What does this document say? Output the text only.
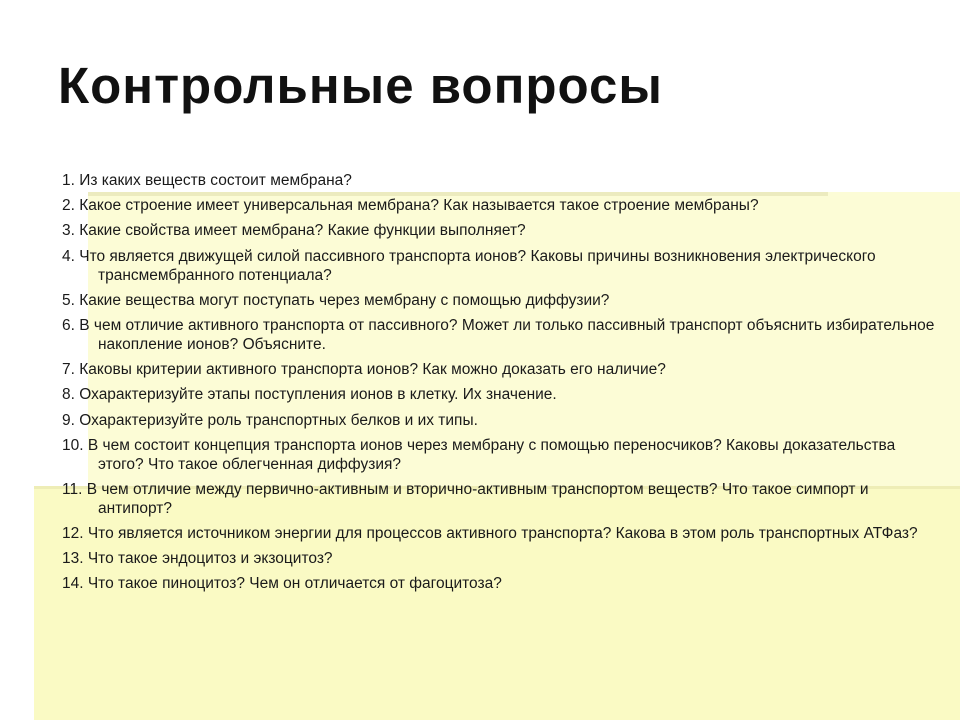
Контрольные вопросы
1. Из каких веществ состоит мембрана?
2. Какое строение имеет универсальная мембрана? Как называется такое строение мембраны?
3. Какие свойства имеет мембрана? Какие функции выполняет?
4. Что является движущей силой пассивного транспорта ионов? Каковы причины возникновения электрического трансмембранного потенциала?
5. Какие вещества могут поступать через мембрану с помощью диффузии?
6. В чем отличие активного транспорта от пассивного? Может ли только пассивный транспорт объяснить избирательное накопление ионов? Объясните.
7. Каковы критерии активного транспорта ионов? Как можно доказать его наличие?
8. Охарактеризуйте этапы поступления ионов в клетку. Их значение.
9. Охарактеризуйте роль транспортных белков и их типы.
10. В чем состоит концепция транспорта ионов через мембрану с помощью переносчиков? Каковы доказательства этого? Что такое облегченная диффузия?
11. В чем отличие между первично-активным и вторично-активным транспортом веществ? Что такое симпорт и антипорт?
12. Что является источником энергии для процессов активного транспорта? Какова в этом роль транспортных АТФаз?
13. Что такое эндоцитоз и экзоцитоз?
14. Что такое пиноцитоз? Чем он отличается от фагоцитоза?
